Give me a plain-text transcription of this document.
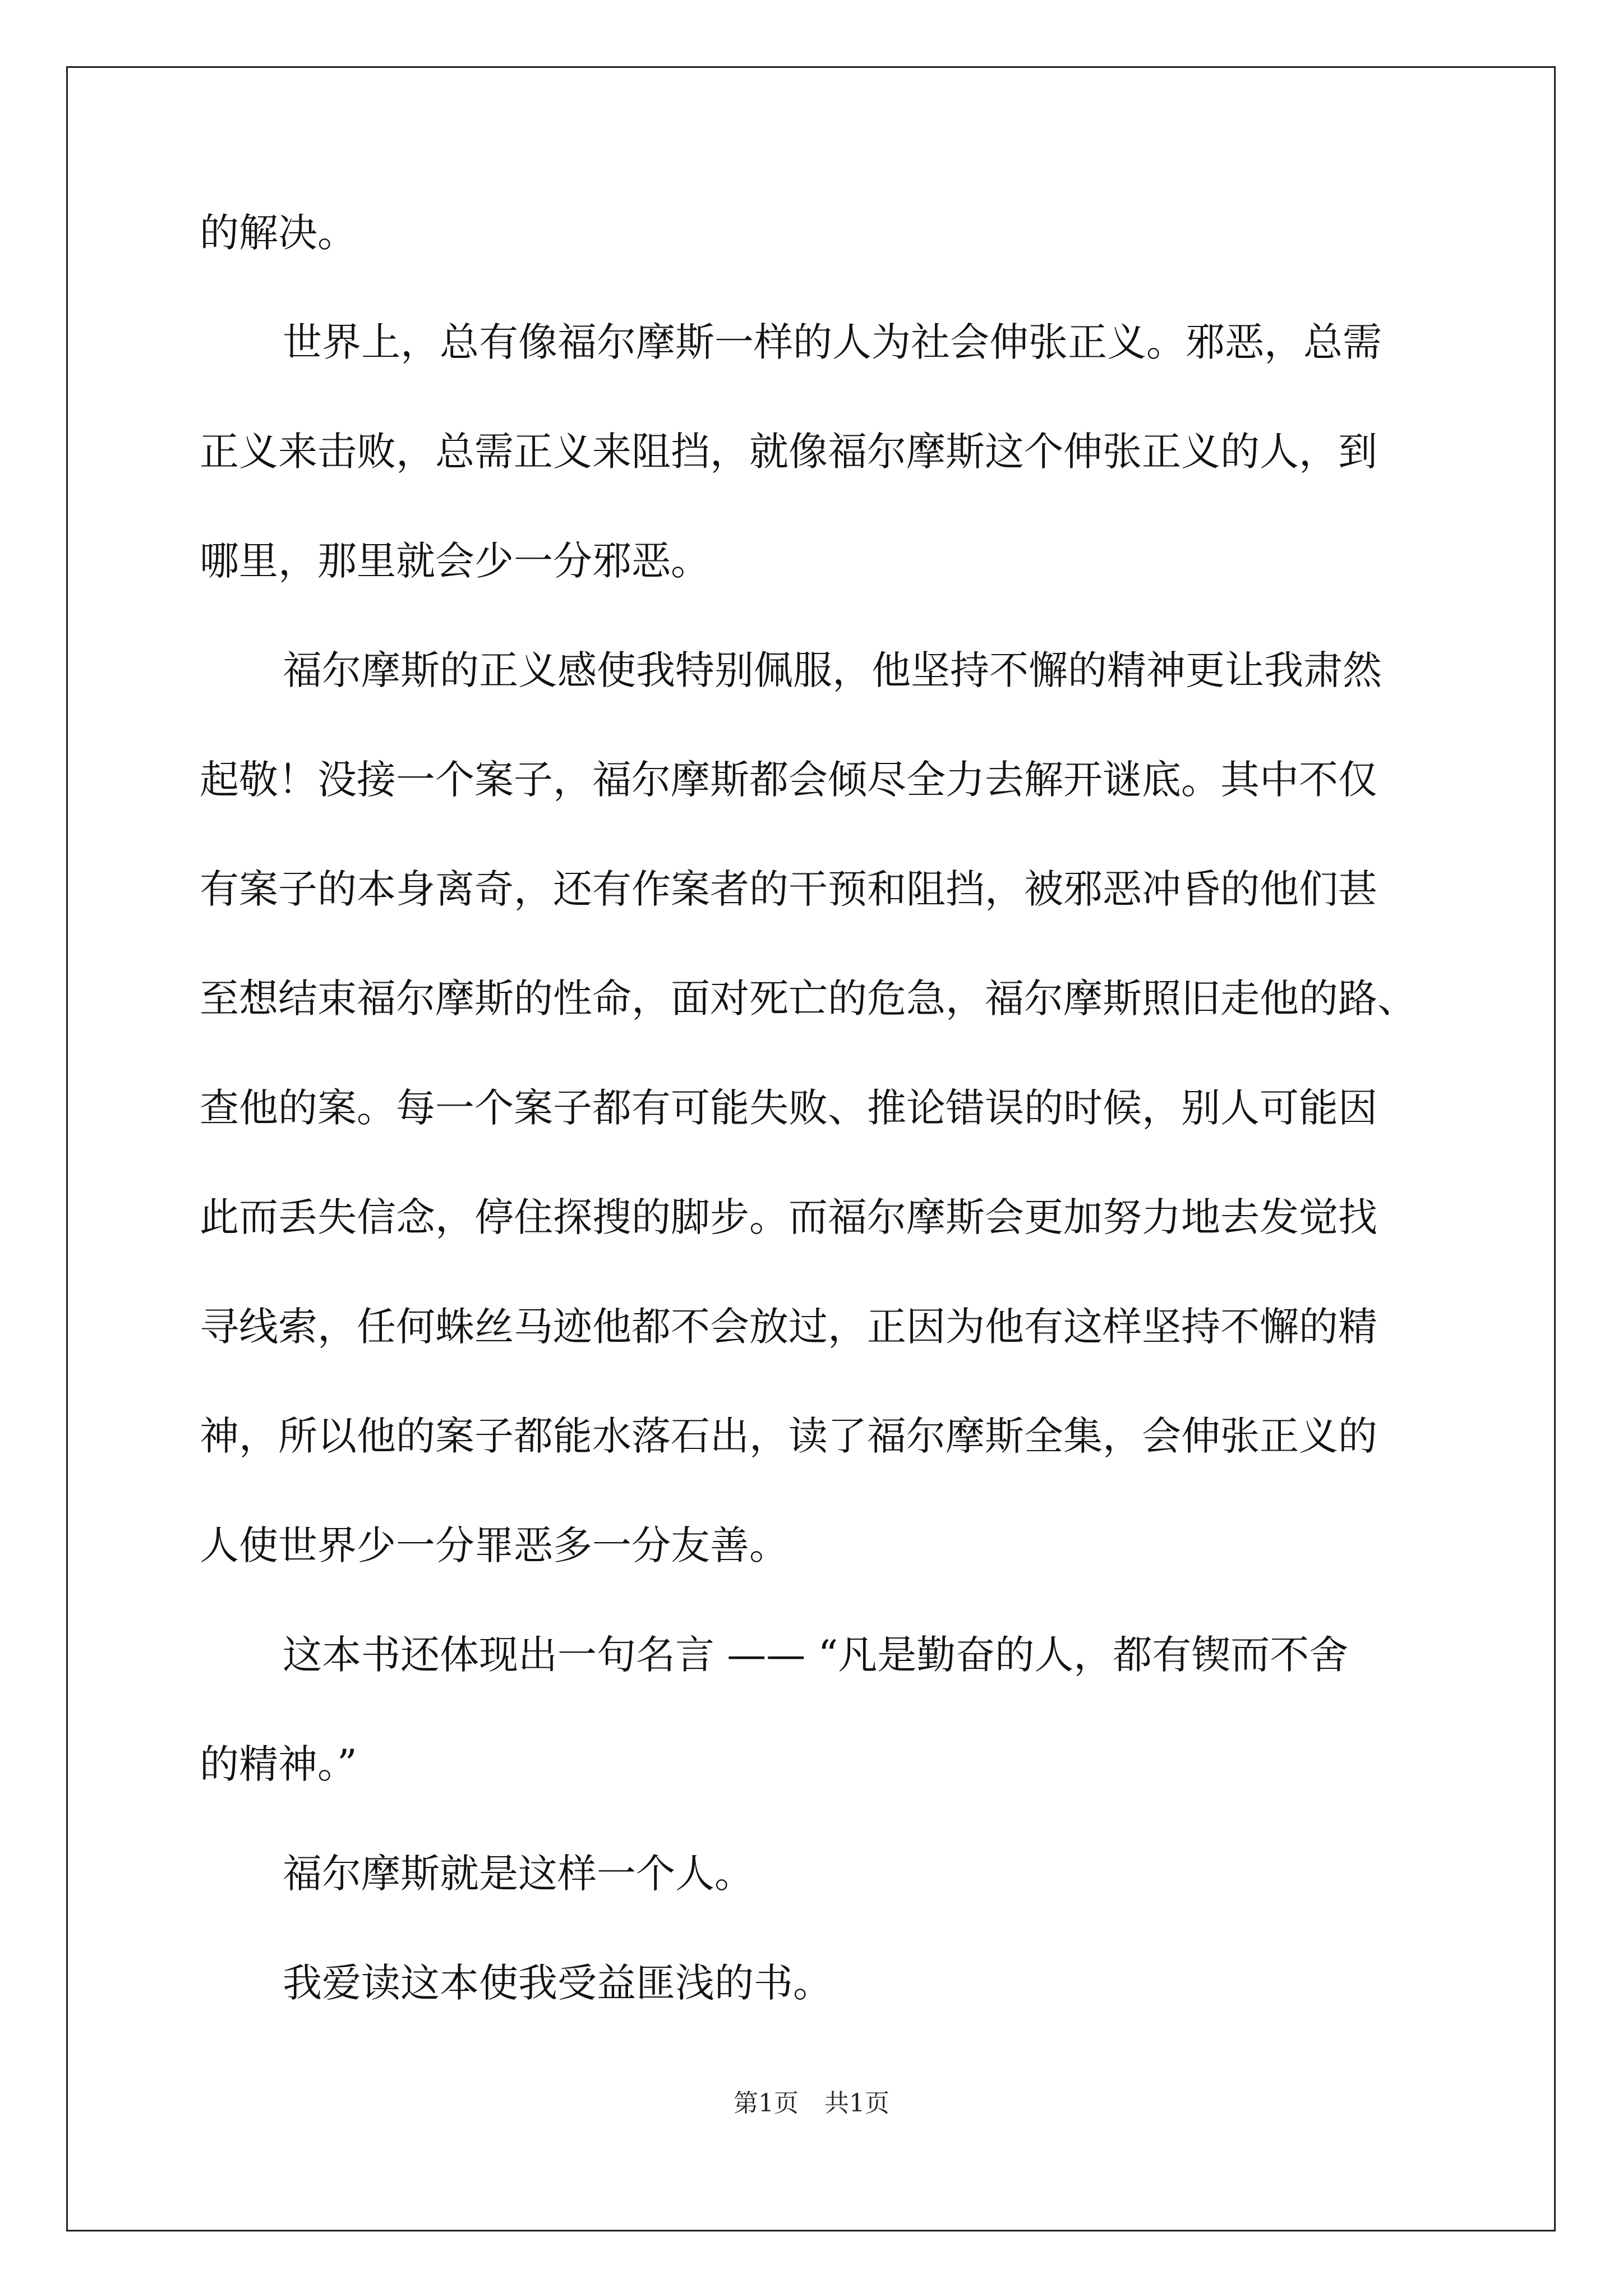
的解决。
世界上，总有像福尔摩斯一样的人为社会伸张正义。邪恶，总需
正义来击败，总需正义来阻挡，就像福尔摩斯这个伸张正义的人，到
哪里，那里就会少一分邪恶。
福尔摩斯的正义感使我特别佩服，他坚持不懈的精神更让我肃然
起敬！没接一个案子，福尔摩斯都会倾尽全力去解开谜底。其中不仅
有案子的本身离奇，还有作案者的干预和阻挡，被邪恶冲昏的他们甚
至想结束福尔摩斯的性命，面对死亡的危急，福尔摩斯照旧走他的路、
查他的案。每一个案子都有可能失败、推论错误的时候，别人可能因
此而丢失信念，停住探搜的脚步。而福尔摩斯会更加努力地去发觉找
寻线索，任何蛛丝马迹他都不会放过，正因为他有这样坚持不懈的精
神，所以他的案子都能水落石出，读了福尔摩斯全集，会伸张正义的
人使世界少一分罪恶多一分友善。
这本书还体现出一句名言 —— “凡是勤奋的人，都有锲而不舍
的精神。”
福尔摩斯就是这样一个人。
我爱读这本使我受益匪浅的书。
第1页 共1页
